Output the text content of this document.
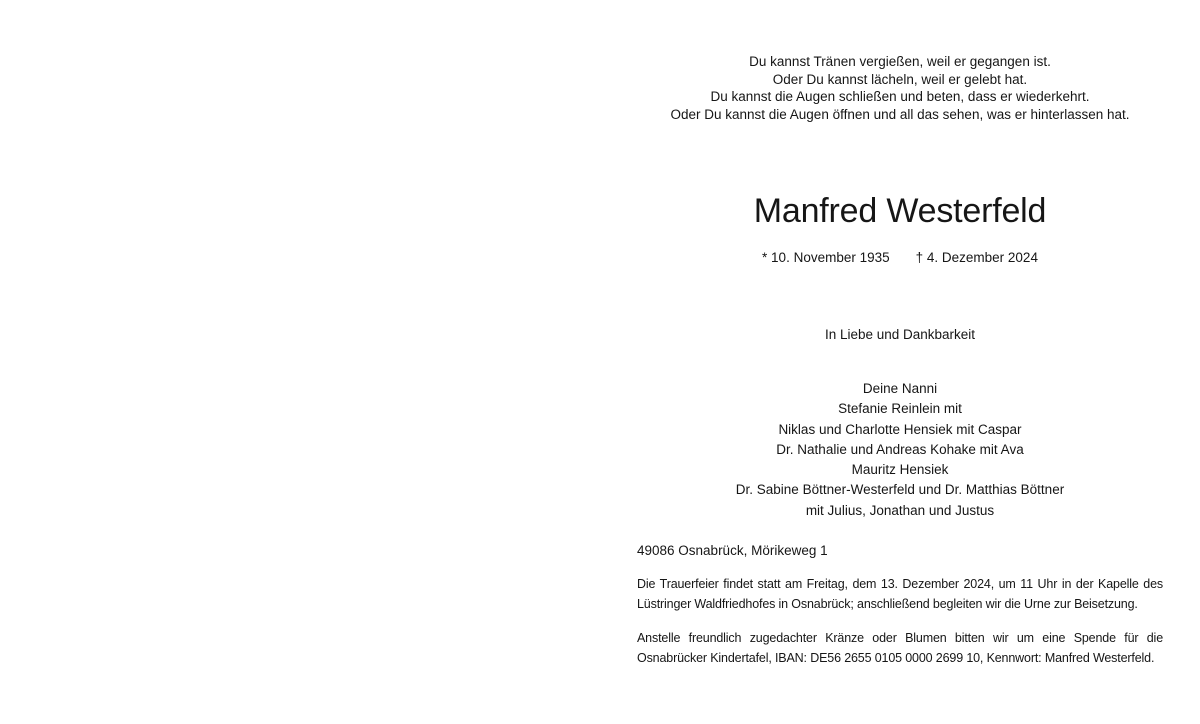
Du kannst Tränen vergießen, weil er gegangen ist.
Oder Du kannst lächeln, weil er gelebt hat.
Du kannst die Augen schließen und beten, dass er wiederkehrt.
Oder Du kannst die Augen öffnen und all das sehen, was er hinterlassen hat.
Manfred Westerfeld
* 10. November 1935 † 4. Dezember 2024
In Liebe und Dankbarkeit
Deine Nanni
Stefanie Reinlein mit
Niklas und Charlotte Hensiek mit Caspar
Dr. Nathalie und Andreas Kohake mit Ava
Mauritz Hensiek
Dr. Sabine Böttner-Westerfeld und Dr. Matthias Böttner
mit Julius, Jonathan und Justus
49086 Osnabrück, Mörikeweg 1
Die Trauerfeier findet statt am Freitag, dem 13. Dezember 2024, um 11 Uhr in der Kapelle des
Lüstringer Waldfriedhofes in Osnabrück; anschließend begleiten wir die Urne zur Beisetzung.
Anstelle freundlich zugedachter Kränze oder Blumen bitten wir um eine Spende für die
Osnabrücker Kindertafel, IBAN: DE56 2655 0105 0000 2699 10, Kennwort: Manfred Westerfeld.
